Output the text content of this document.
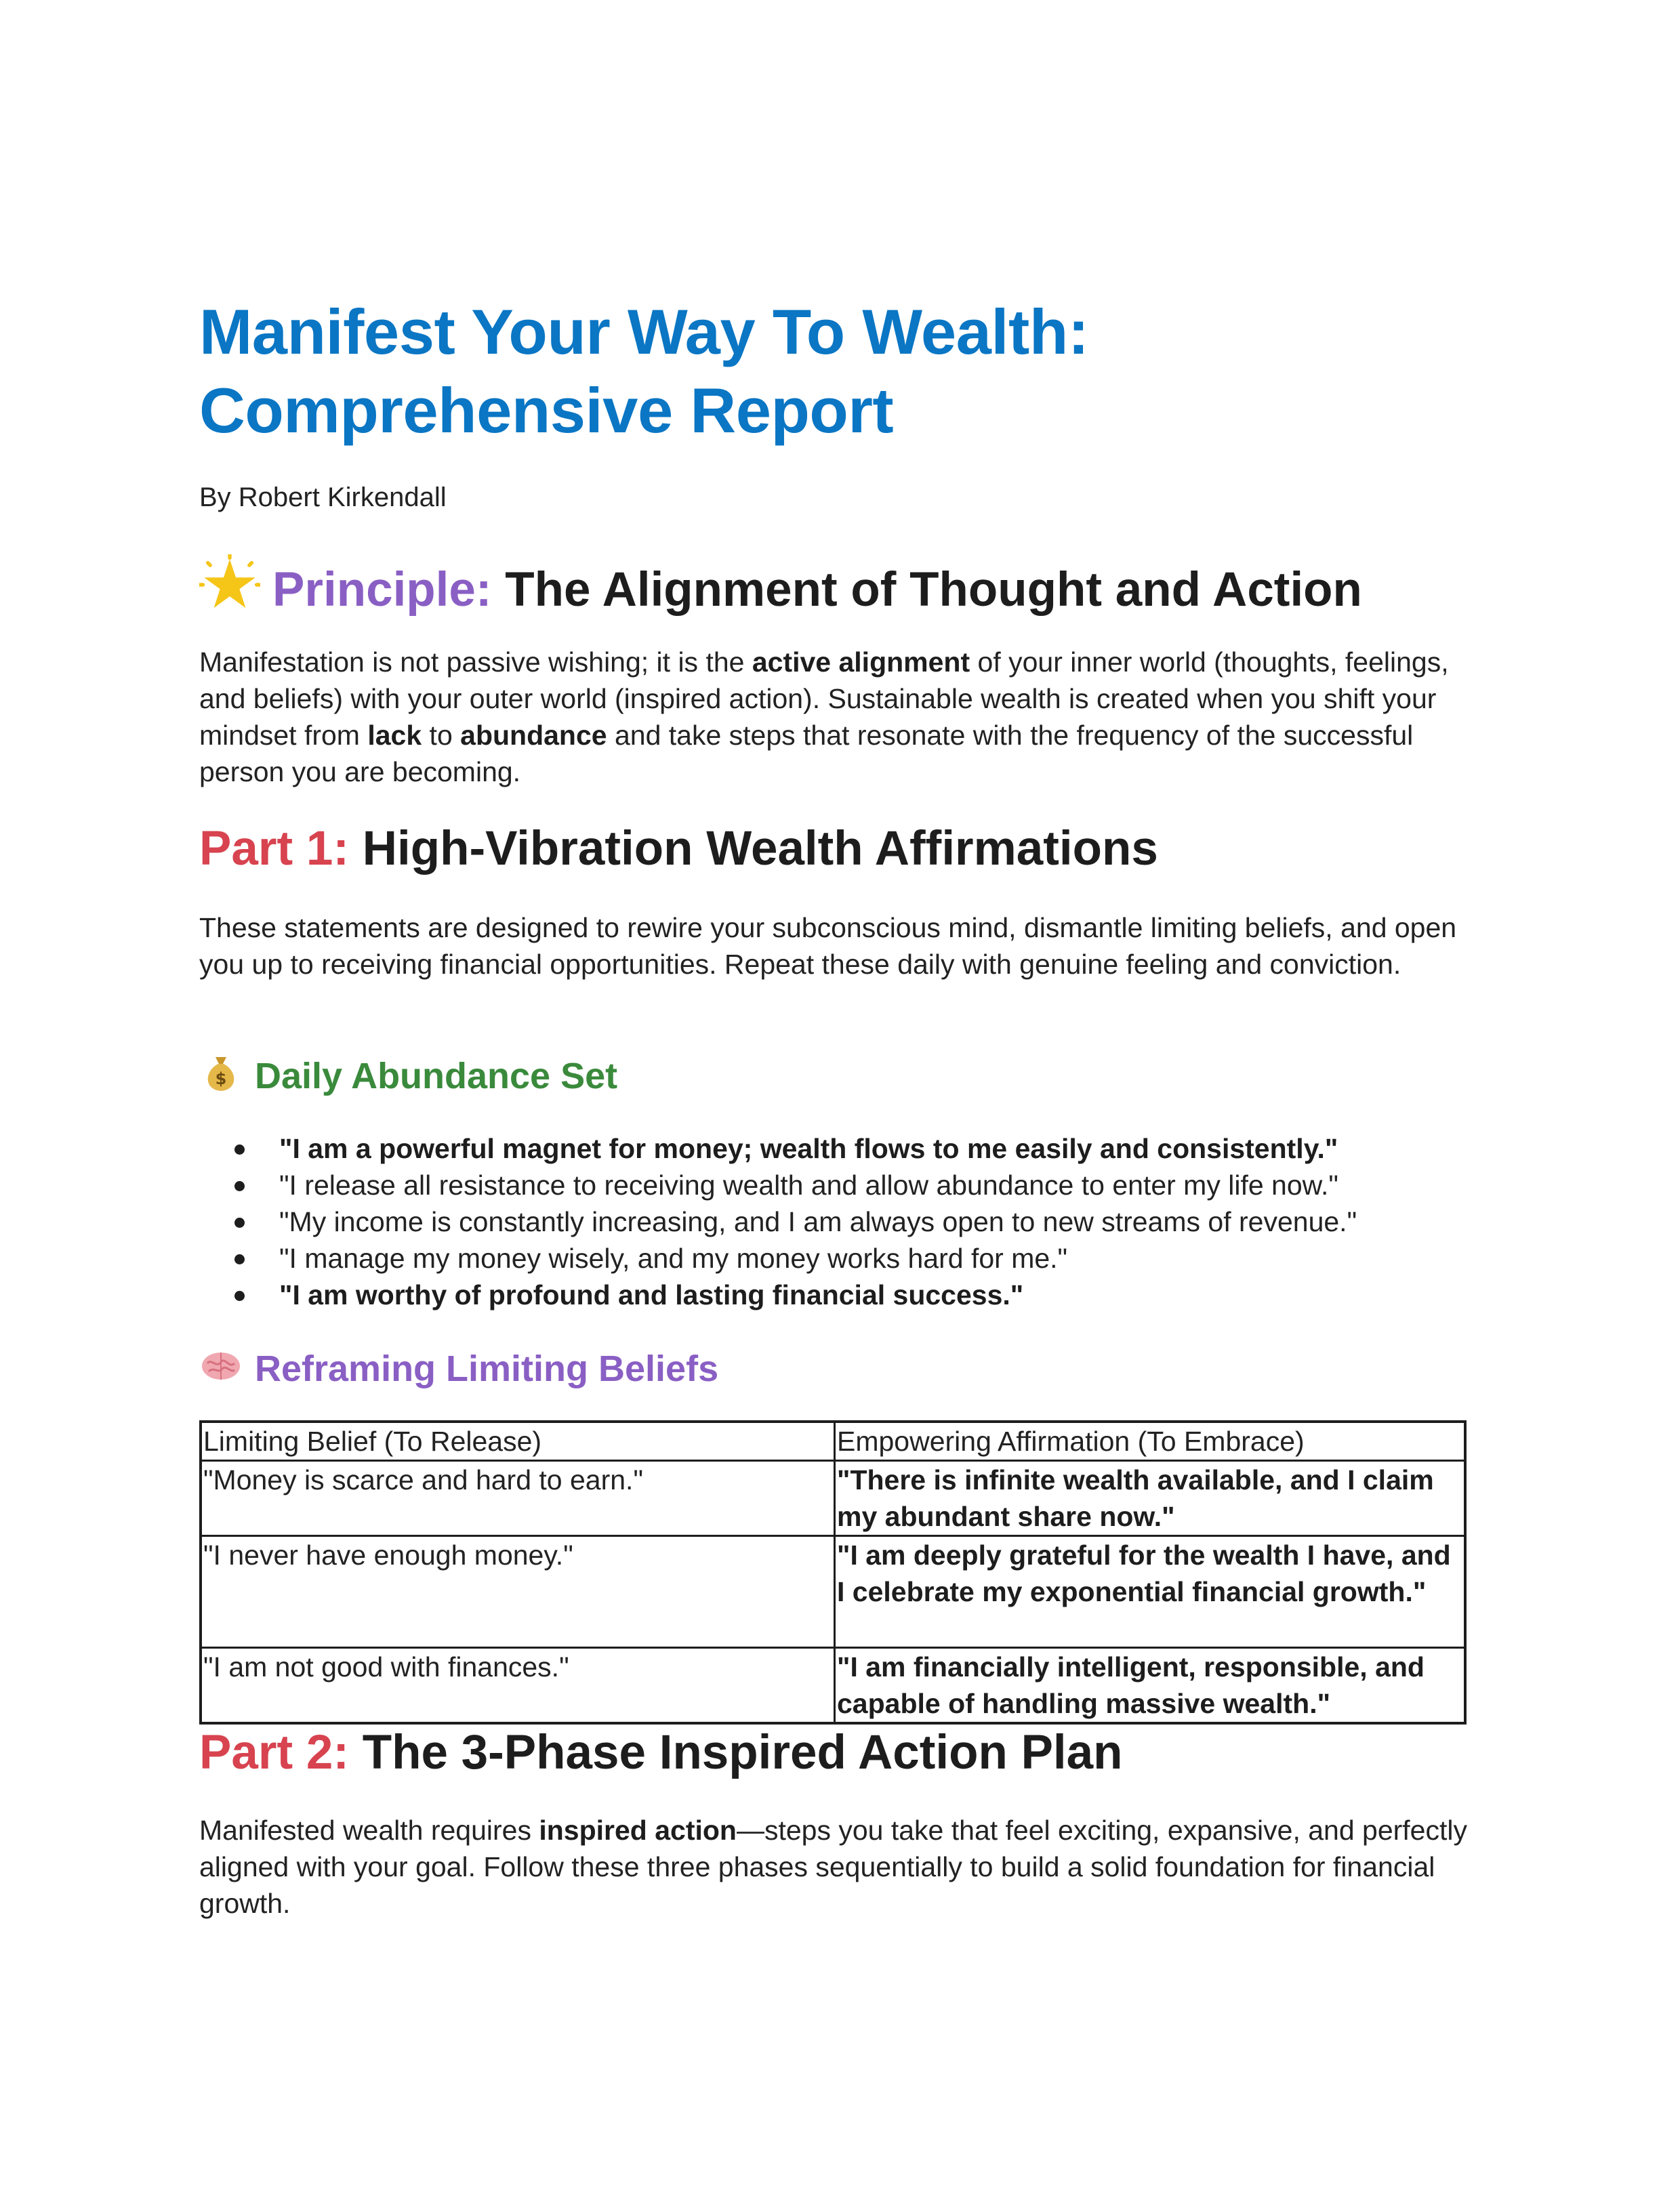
Manifest Your Way To Wealth:
Comprehensive Report
By Robert Kirkendall
Principle: The Alignment of Thought and Action

Manifestation is not passive wishing; it is the active alignment of your inner world (thoughts, feelings, and beliefs) with your outer world (inspired action). Sustainable wealth is created when you shift your mindset from lack to abundance and take steps that resonate with the frequency of the successful person you are becoming.

Part 1: High-Vibration Wealth Affirmations

These statements are designed to rewire your subconscious mind, dismantle limiting beliefs, and open you up to receiving financial opportunities. Repeat these daily with genuine feeling and conviction.

$ Daily Abundance Set
"I am a powerful magnet for money; wealth flows to me easily and consistently."
"I release all resistance to receiving wealth and allow abundance to enter my life now."
"My income is constantly increasing, and I am always open to new streams of revenue."
"I manage my money wisely, and my money works hard for me."
"I am worthy of profound and lasting financial success."
Reframing Limiting Beliefs
Limiting Belief (To Release)	Empowering Affirmation (To Embrace)
"Money is scarce and hard to earn."	"There is infinite wealth available, and I claim my abundant share now."
"I never have enough money."	"I am deeply grateful for the wealth I have, and I celebrate my exponential financial growth."
"I am not good with finances."	"I am financially intelligent, responsible, and capable of handling massive wealth."
Part 2: The 3-Phase Inspired Action Plan

Manifested wealth requires inspired action—steps you take that feel exciting, expansive, and perfectly aligned with your goal. Follow these three phases sequentially to build a solid foundation for financial growth.
